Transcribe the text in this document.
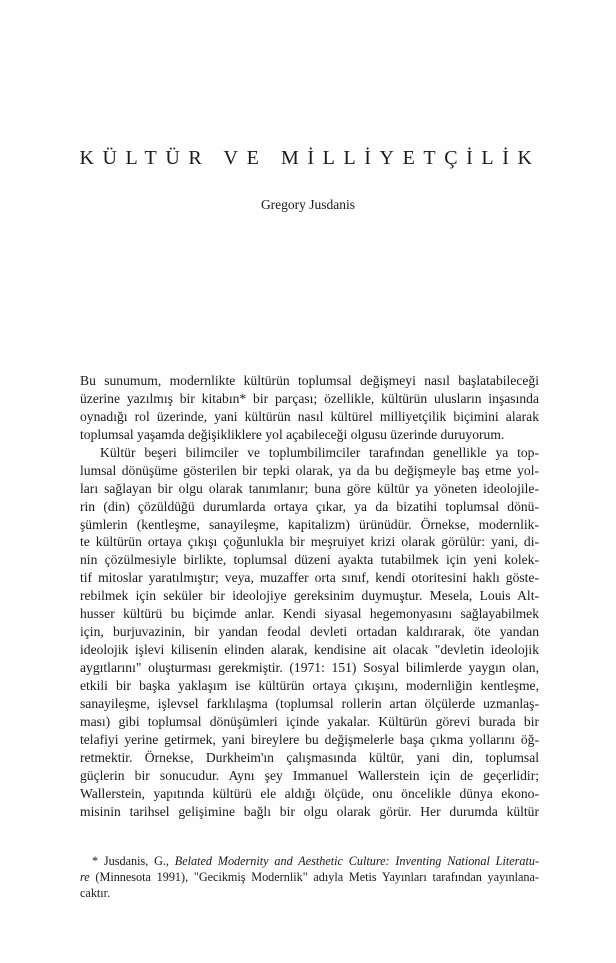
KÜLTÜR VE MİLLİYETÇİLİK
Gregory Jusdanis
Bu sunumum, modernlikte kültürün toplumsal değişmeyi nasıl başlatabileceği
üzerine yazılmış bir kitabın* bir parçası; özellikle, kültürün ulusların inşasında
oynadığı rol üzerinde, yani kültürün nasıl kültürel milliyetçilik biçimini alarak
toplumsal yaşamda değişikliklere yol açabileceği olgusu üzerinde duruyorum.
Kültür beşeri bilimciler ve toplumbilimciler tarafından genellikle ya top-
lumsal dönüşüme gösterilen bir tepki olarak, ya da bu değişmeyle baş etme yol-
ları sağlayan bir olgu olarak tanımlanır; buna göre kültür ya yöneten ideolojile-
rin (din) çözüldüğü durumlarda ortaya çıkar, ya da bizatihi toplumsal dönü-
şümlerin (kentleşme, sanayileşme, kapitalizm) ürünüdür. Örnekse, modernlik-
te kültürün ortaya çıkışı çoğunlukla bir meşruiyet krizi olarak görülür: yani, di-
nin çözülmesiyle birlikte, toplumsal düzeni ayakta tutabilmek için yeni kolek-
tif mitoslar yaratılmıştır; veya, muzaffer orta sınıf, kendi otoritesini haklı göste-
rebilmek için seküler bir ideolojiye gereksinim duymuştur. Mesela, Louis Alt-
husser kültürü bu biçimde anlar. Kendi siyasal hegemonyasını sağlayabilmek
için, burjuvazinin, bir yandan feodal devleti ortadan kaldırarak, öte yandan
ideolojik işlevi kilisenin elinden alarak, kendisine ait olacak "devletin ideolojik
aygıtlarını" oluşturması gerekmiştir. (1971: 151) Sosyal bilimlerde yaygın olan,
etkili bir başka yaklaşım ise kültürün ortaya çıkışını, modernliğin kentleşme,
sanayileşme, işlevsel farklılaşma (toplumsal rollerin artan ölçülerde uzmanlaş-
ması) gibi toplumsal dönüşümleri içinde yakalar. Kültürün görevi burada bir
telafiyi yerine getirmek, yani bireylere bu değişmelerle başa çıkma yollarını öğ-
retmektir. Örnekse, Durkheim'ın çalışmasında kültür, yani din, toplumsal
güçlerin bir sonucudur. Aynı şey Immanuel Wallerstein için de geçerlidir;
Wallerstein, yapıtında kültürü ele aldığı ölçüde, onu öncelikle dünya ekono-
misinin tarihsel gelişimine bağlı bir olgu olarak görür. Her durumda kültür
* Jusdanis, G., Belated Modernity and Aesthetic Culture: Inventing National Literatu-
re (Minnesota 1991), "Gecikmiş Modernlik" adıyla Metis Yayınları tarafından yayınlana-
caktır.
